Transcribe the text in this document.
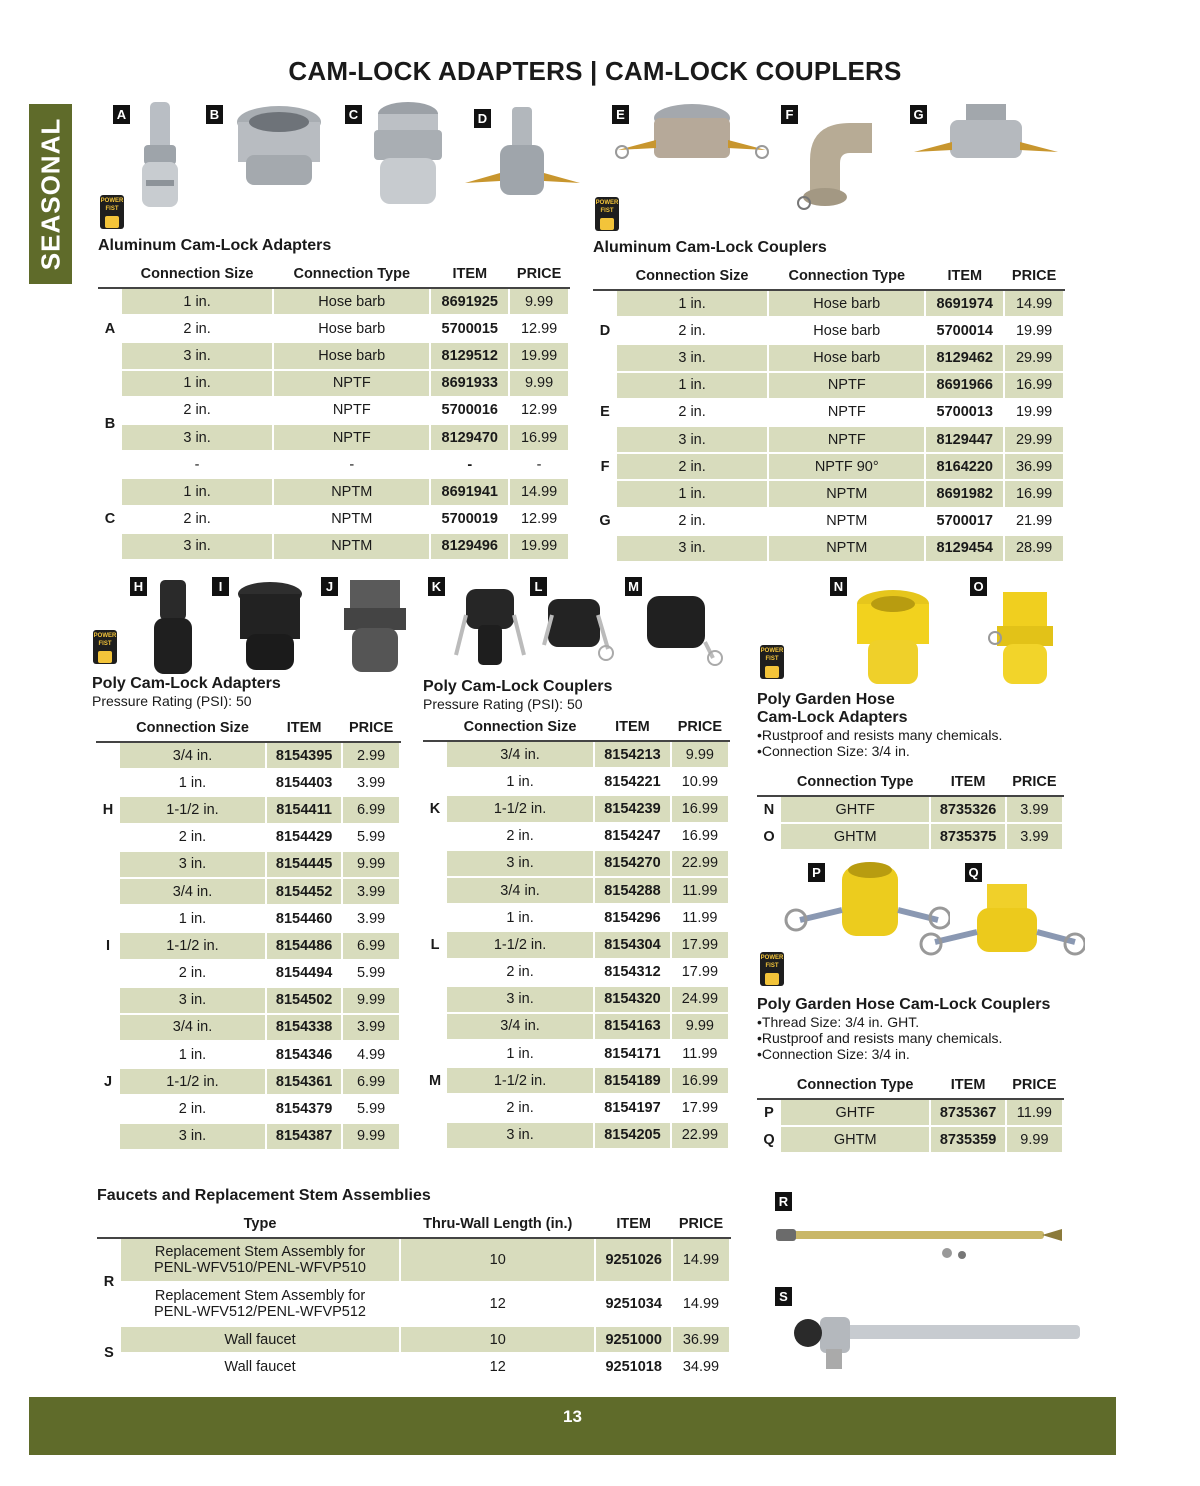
CAM-LOCK ADAPTERS | CAM-LOCK COUPLERS
SEASONAL
A	B	C	D	E	F	G
POWER FIST
POWER FIST
Aluminum Cam-Lock Adapters
	Connection Size	Connection Type	ITEM	PRICE
A	1 in.	Hose barb	8691925	9.99
	2 in.	Hose barb	5700015	12.99
	3 in.	Hose barb	8129512	19.99
B	1 in.	NPTF	8691933	9.99
	2 in.	NPTF	5700016	12.99
	3 in.	NPTF	8129470	16.99
	-	-	-	-
C	1 in.	NPTM	8691941	14.99
	2 in.	NPTM	5700019	12.99
	3 in.	NPTM	8129496	19.99
Aluminum Cam-Lock Couplers
	Connection Size	Connection Type	ITEM	PRICE
D	1 in.	Hose barb	8691974	14.99
	2 in.	Hose barb	5700014	19.99
	3 in.	Hose barb	8129462	29.99
E	1 in.	NPTF	8691966	16.99
	2 in.	NPTF	5700013	19.99
	3 in.	NPTF	8129447	29.99
F	2 in.	NPTF 90°	8164220	36.99
G	1 in.	NPTM	8691982	16.99
	2 in.	NPTM	5700017	21.99
	3 in.	NPTM	8129454	28.99
H	I	J	K	L	M	N	O
POWER FIST
POWER FIST
Poly Cam-Lock Adapters
Pressure Rating (PSI): 50
	Connection Size	ITEM	PRICE
H	3/4 in.	8154395	2.99
	1 in.	8154403	3.99
	1-1/2 in.	8154411	6.99
	2 in.	8154429	5.99
	3 in.	8154445	9.99
I	3/4 in.	8154452	3.99
	1 in.	8154460	3.99
	1-1/2 in.	8154486	6.99
	2 in.	8154494	5.99
	3 in.	8154502	9.99
J	3/4 in.	8154338	3.99
	1 in.	8154346	4.99
	1-1/2 in.	8154361	6.99
	2 in.	8154379	5.99
	3 in.	8154387	9.99
Poly Cam-Lock Couplers
Pressure Rating (PSI): 50
	Connection Size	ITEM	PRICE
K	3/4 in.	8154213	9.99
	1 in.	8154221	10.99
	1-1/2 in.	8154239	16.99
	2 in.	8154247	16.99
	3 in.	8154270	22.99
L	3/4 in.	8154288	11.99
	1 in.	8154296	11.99
	1-1/2 in.	8154304	17.99
	2 in.	8154312	17.99
	3 in.	8154320	24.99
M	3/4 in.	8154163	9.99
	1 in.	8154171	11.99
	1-1/2 in.	8154189	16.99
	2 in.	8154197	17.99
	3 in.	8154205	22.99
Poly Garden Hose
Cam-Lock Adapters
•Rustproof and resists many chemicals.
•Connection Size: 3/4 in.
	Connection Type	ITEM	PRICE
N	GHTF	8735326	3.99
O	GHTM	8735375	3.99
P	Q
POWER FIST
Poly Garden Hose Cam-Lock Couplers
•Thread Size: 3/4 in. GHT.
•Rustproof and resists many chemicals.
•Connection Size: 3/4 in.
	Connection Type	ITEM	PRICE
P	GHTF	8735367	11.99
Q	GHTM	8735359	9.99
Faucets and Replacement Stem Assemblies
	Type	Thru-Wall Length (in.)	ITEM	PRICE
R	Replacement Stem Assembly for
PENL-WFV510/PENL-WFVP510	10	9251026	14.99

	Replacement Stem Assembly for
PENL-WFV512/PENL-WFVP512	12	9251034	14.99
S	Wall faucet	10	9251000	36.99

	Wall faucet	12	9251018	34.99
R
S
13
